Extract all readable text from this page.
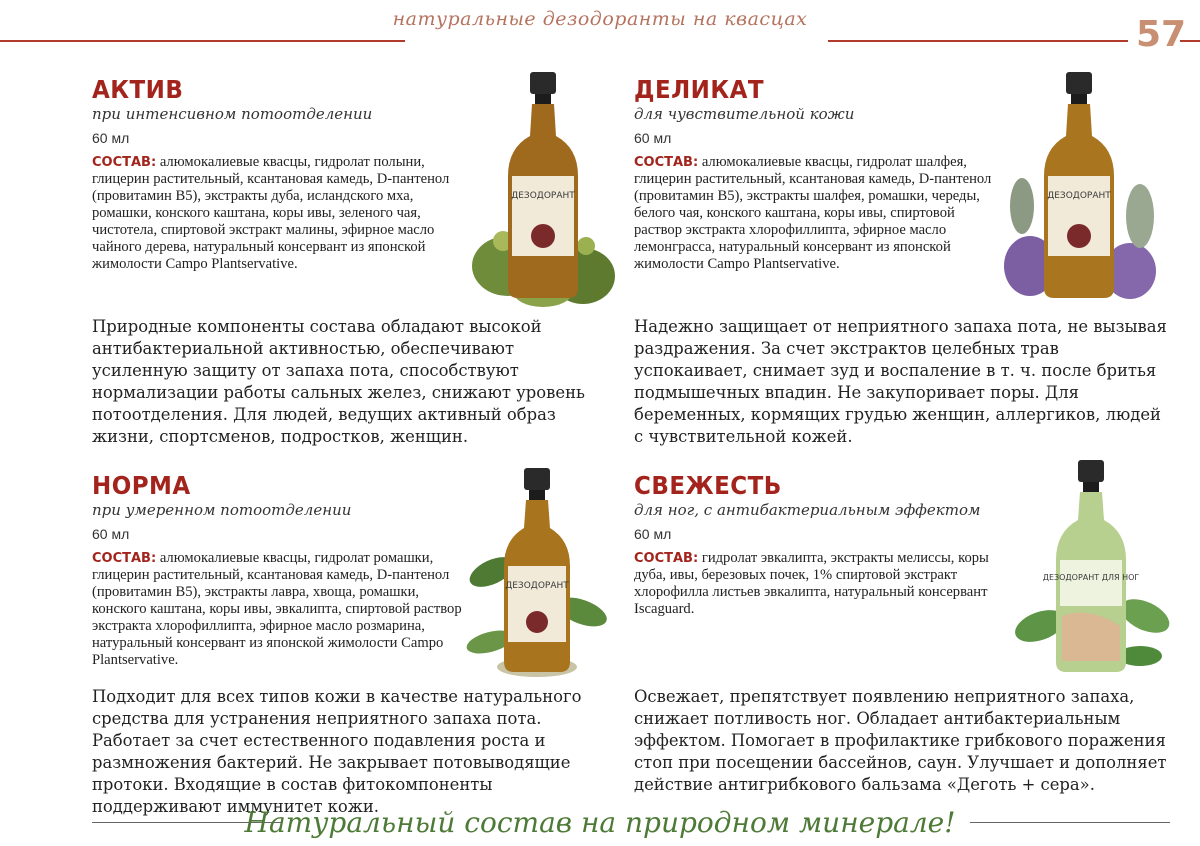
натуральные дезодоранты на квасцах	57
АКТИВ

при интенсивном потоотделении

60 мл

СОСТАВ: алюмокалиевые квасцы, гидролат полыни, глицерин растительный, ксантановая камедь, D-пантенол (провитамин В5), экстракты дуба, исландского мха, ромашки, конского каштана, коры ивы, зеленого чая, чистотела, спиртовой экстракт малины, эфирное масло чайного дерева, натуральный консервант из японской жимолости Campo Plantservative.

Природные компоненты состава обладают высокой антибактериальной активностью, обеспечивают усиленную защиту от запаха пота, способствуют нормализации работы сальных желез, снижают уровень потоотделения. Для людей, ведущих активный образ жизни, спортсменов, подростков, женщин.

ДЕЗОДОРАНТ
ДЕЛИКАТ

для чувствительной кожи

60 мл

СОСТАВ: алюмокалиевые квасцы, гидролат шалфея, глицерин растительный, ксантановая камедь, D-пантенол (провитамин В5), экстракты шалфея, ромашки, череды, белого чая, конского каштана, коры ивы, спиртовой раствор экстракта хлорофиллипта, эфирное масло лемонграсса, натуральный консервант из японской жимолости Campo Plantservative.

Надежно защищает от неприятного запаха пота, не вызывая раздражения. За счет экстрактов целебных трав успокаивает, снимает зуд и воспаление в т. ч. после бритья подмышечных впадин. Не закупоривает поры. Для беременных, кормящих грудью женщин, аллергиков, людей с чувствительной кожей.

ДЕЗОДОРАНТ
НОРМА

при умеренном потоотделении

60 мл

СОСТАВ: алюмокалиевые квасцы, гидролат ромашки, глицерин растительный, ксантановая камедь, D-пантенол (провитамин В5), экстракты лавра, хвоща, ромашки, конского каштана, коры ивы, эвкалипта, спиртовой раствор экстракта хлорофиллипта, эфирное масло розмарина, натуральный консервант из японской жимолости Campo Plantservative.

Подходит для всех типов кожи в качестве натурального средства для устранения неприятного запаха пота. Работает за счет естественного подавления роста и размножения бактерий. Не закрывает потовыводящие протоки. Входящие в состав фитокомпоненты поддерживают иммунитет кожи.

ДЕЗОДОРАНТ
СВЕЖЕСТЬ

для ног, с антибактериальным эффектом

60 мл

СОСТАВ: гидролат эвкалипта, экстракты мелиссы, коры дуба, ивы, березовых почек, 1% спиртовой экстракт хлорофилла листьев эвкалипта, натуральный консервант Iscaguard.

Освежает, препятствует появлению неприятного запаха, снижает потливость ног. Обладает антибактериальным эффектом. Помогает в профилактике грибкового поражения стоп при посещении бассейнов, саун. Улучшает и дополняет действие антигрибкового бальзама «Деготь + сера».

ДЕЗОДОРАНТ ДЛЯ НОГ
Натуральный состав на природном минерале!
